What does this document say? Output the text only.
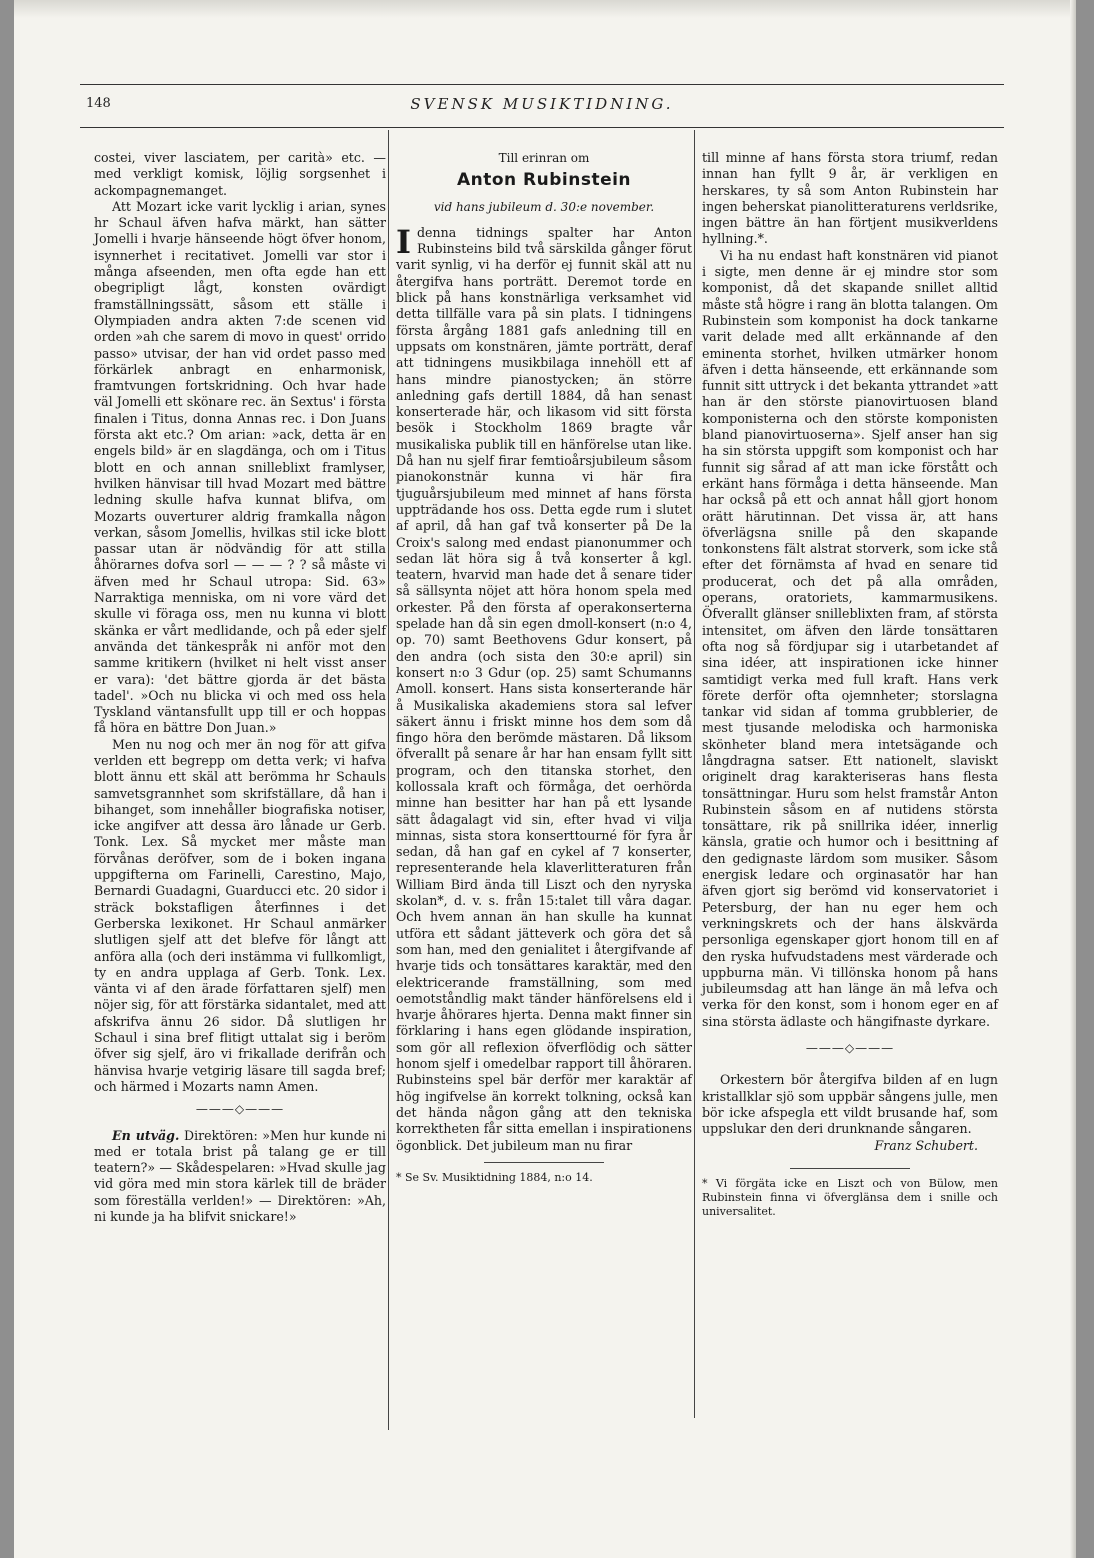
148	SVENSK MUSIKTIDNING.

costei, viver lasciatem, per carità» etc. — med verkligt komisk, löjlig sorgsenhet i ackompagnemanget.

Att Mozart icke varit lycklig i arian, synes hr Schaul äfven hafva märkt, han sätter Jomelli i hvarje hänseende högt öfver honom, isynnerhet i recitativet. Jomelli var stor i många afseenden, men ofta egde han ett obegripligt lågt, konsten ovärdigt framställningssätt, såsom ett ställe i Olympiaden andra akten 7:de scenen vid orden »ah che sarem di movo in quest' orrido passo» utvisar, der han vid ordet passo med förkärlek anbragt en enharmonisk, framtvungen fortskridning. Och hvar hade väl Jomelli ett skönare rec. än Sextus' i första finalen i Titus, donna Annas rec. i Don Juans första akt etc.? Om arian: »ack, detta är en engels bild» är en slagdänga, och om i Titus blott en och annan snilleblixt framlyser, hvilken hänvisar till hvad Mozart med bättre ledning skulle hafva kunnat blifva, om Mozarts ouverturer aldrig framkalla någon verkan, såsom Jomellis, hvilkas stil icke blott passar utan är nödvändig för att stilla åhörarnes dofva sorl — — — ? ? så måste vi äfven med hr Schaul utropa: Sid. 63» Narraktiga menniska, om ni vore värd det skulle vi föraga oss, men nu kunna vi blott skänka er vårt medlidande, och på eder sjelf använda det tänkespråk ni anför mot den samme kritikern (hvilket ni helt visst anser er vara): 'det bättre gjorda är det bästa tadel'. »Och nu blicka vi och med oss hela Tyskland väntansfullt upp till er och hoppas få höra en bättre Don Juan.»

Men nu nog och mer än nog för att gifva verlden ett begrepp om detta verk; vi hafva blott ännu ett skäl att berömma hr Schauls samvetsgrannhet som skrifställare, då han i bihanget, som innehåller biografiska notiser, icke angifver att dessa äro lånade ur Gerb. Tonk. Lex. Så mycket mer måste man förvånas deröfver, som de i boken ingana uppgifterna om Farinelli, Carestino, Majo, Bernardi Guadagni, Guarducci etc. 20 sidor i sträck bokstafligen återfinnes i det Gerberska lexikonet. Hr Schaul anmärker slutligen sjelf att det blefve för långt att anföra alla (och deri instämma vi fullkomligt, ty en andra upplaga af Gerb. Tonk. Lex. vänta vi af den ärade författaren sjelf) men nöjer sig, för att förstärka sidantalet, med att afskrifva ännu 26 sidor. Då slutligen hr Schaul i sina bref flitigt uttalat sig i beröm öfver sig sjelf, äro vi frikallade derifrån och hänvisa hvarje vetgirig läsare till sagda bref; och härmed i Mozarts namn Amen.

———◇———

En utväg. Direktören: »Men hur kunde ni med er totala brist på talang ge er till teatern?» — Skådespelaren: »Hvad skulle jag vid göra med min stora kärlek till de bräder som föreställa verlden!» — Direktören: »Ah, ni kunde ja ha blifvit snickare!»

Till erinran om
Anton Rubinstein
vid hans jubileum d. 30:e november.

Idenna tidnings spalter har Anton Rubinsteins bild två särskilda gånger förut varit synlig, vi ha derför ej funnit skäl att nu återgifva hans porträtt. Deremot torde en blick på hans konstnärliga verksamhet vid detta tillfälle vara på sin plats. I tidningens första årgång 1881 gafs anledning till en uppsats om konstnären, jämte porträtt, deraf att tidningens musikbilaga innehöll ett af hans mindre pianostycken; än större anledning gafs dertill 1884, då han senast konserterade här, och likasom vid sitt första besök i Stockholm 1869 bragte vår musikaliska publik till en hänförelse utan like. Då han nu sjelf firar femtioårsjubileum såsom pianokonstnär kunna vi här fira tjuguårsjubileum med minnet af hans första uppträdande hos oss. Detta egde rum i slutet af april, då han gaf två konserter på De la Croix's salong med endast pianonummer och sedan lät höra sig å två konserter å kgl. teatern, hvarvid man hade det å senare tider så sällsynta nöjet att höra honom spela med orkester. På den första af operakonserterna spelade han då sin egen dmoll-konsert (n:o 4, op. 70) samt Beethovens Gdur konsert, på den andra (och sista den 30:e april) sin konsert n:o 3 Gdur (op. 25) samt Schumanns Amoll. konsert. Hans sista konserterande här å Musikaliska akademiens stora sal lefver säkert ännu i friskt minne hos dem som då fingo höra den berömde mästaren. Då liksom öfverallt på senare år har han ensam fyllt sitt program, och den titanska storhet, den kollossala kraft och förmåga, det oerhörda minne han besitter har han på ett lysande sätt ådagalagt vid sin, efter hvad vi vilja minnas, sista stora konserttourné för fyra år sedan, då han gaf en cykel af 7 konserter, representerande hela klaverlitteraturen från William Bird ända till Liszt och den nyryska skolan*, d. v. s. från 15:talet till våra dagar. Och hvem annan än han skulle ha kunnat utföra ett sådant jätteverk och göra det så som han, med den genialitet i återgifvande af hvarje tids och tonsättares karaktär, med den elektricerande framställning, som med oemotståndlig makt tänder hänförelsens eld i hvarje åhörares hjerta. Denna makt finner sin förklaring i hans egen glödande inspiration, som gör all reflexion öfverflödig och sätter honom sjelf i omedelbar rapport till åhöraren. Rubinsteins spel bär derför mer karaktär af hög ingifvelse än korrekt tolkning, också kan det hända någon gång att den tekniska korrektheten får sitta emellan i inspirationens ögonblick. Det jubileum man nu firar

* Se Sv. Musiktidning 1884, n:o 14.

till minne af hans första stora triumf, redan innan han fyllt 9 år, är verkligen en herskares, ty så som Anton Rubinstein har ingen beherskat pianolitteraturens verldsrike, ingen bättre än han förtjent musikverldens hyllning.*.

Vi ha nu endast haft konstnären vid pianot i sigte, men denne är ej mindre stor som komponist, då det skapande snillet alltid måste stå högre i rang än blotta talangen. Om Rubinstein som komponist ha dock tankarne varit delade med allt erkännande af den eminenta storhet, hvilken utmärker honom äfven i detta hänseende, ett erkännande som funnit sitt uttryck i det bekanta yttrandet »att han är den störste pianovirtuosen bland komponisterna och den störste komponisten bland pianovirtuoserna». Sjelf anser han sig ha sin största uppgift som komponist och har funnit sig sårad af att man icke förstått och erkänt hans förmåga i detta hänseende. Man har också på ett och annat håll gjort honom orätt härutinnan. Det vissa är, att hans öfverlägsna snille på den skapande tonkonstens fält alstrat storverk, som icke stå efter det förnämsta af hvad en senare tid producerat, och det på alla områden, operans, oratoriets, kammarmusikens. Öfverallt glänser snilleblixten fram, af största intensitet, om äfven den lärde tonsättaren ofta nog så fördjupar sig i utarbetandet af sina idéer, att inspirationen icke hinner samtidigt verka med full kraft. Hans verk förete derför ofta ojemnheter; storslagna tankar vid sidan af tomma grubblerier, de mest tjusande melodiska och harmoniska skönheter bland mera intetsägande och långdragna satser. Ett nationelt, slaviskt originelt drag karakteriseras hans flesta tonsättningar. Huru som helst framstår Anton Rubinstein såsom en af nutidens största tonsättare, rik på snillrika idéer, innerlig känsla, gratie och humor och i besittning af den gedignaste lärdom som musiker. Såsom energisk ledare och orginasatör har han äfven gjort sig berömd vid konservatoriet i Petersburg, der han nu eger hem och verkningskrets och der hans älskvärda personliga egenskaper gjort honom till en af den ryska hufvudstadens mest värderade och uppburna män. Vi tillönska honom på hans jubileumsdag att han länge än må lefva och verka för den konst, som i honom eger en af sina största ädlaste och hängifnaste dyrkare.

———◇———

Orkestern bör återgifva bilden af en lugn kristallklar sjö som uppbär sångens julle, men bör icke afspegla ett vildt brusande haf, som uppslukar den deri drunknande sångaren.

Franz Schubert.
* Vi förgäta icke en Liszt och von Bülow, men Rubinstein finna vi öfverglänsa dem i snille och universalitet.
